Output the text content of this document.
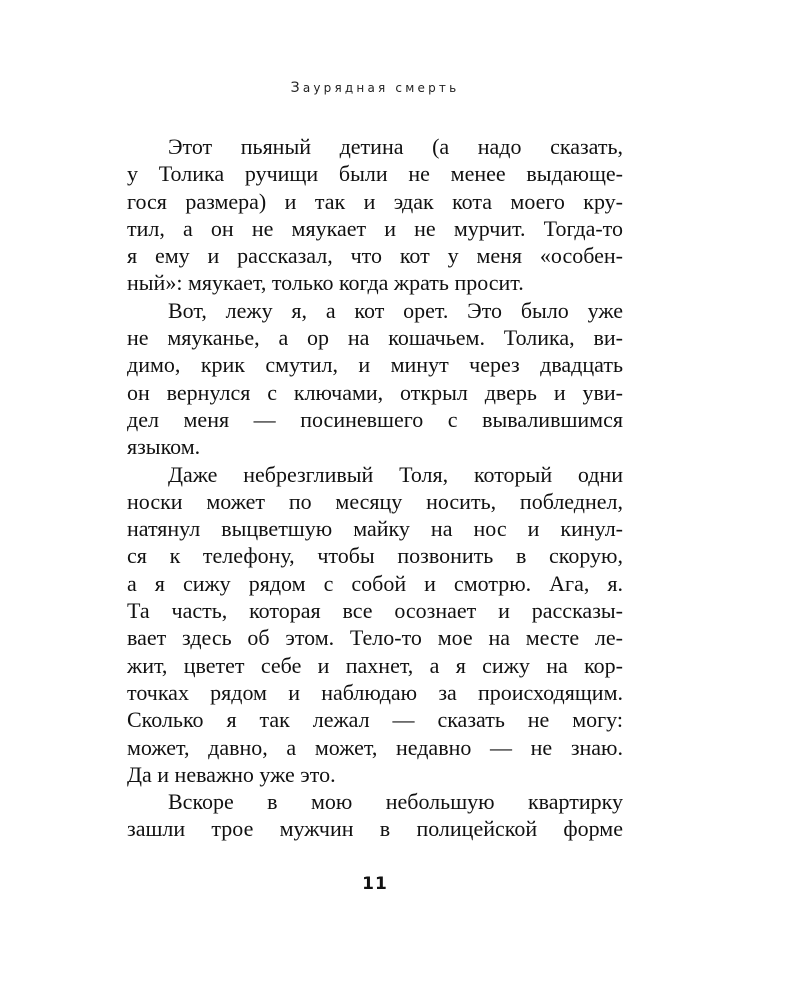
Заурядная смерть
Этот пьяный детина (а надо сказать,
у Толика ручищи были не менее выдающе-
гося размера) и так и эдак кота моего кру-
тил, а он не мяукает и не мурчит. Тогда-то
я ему и рассказал, что кот у меня «особен-
ный»: мяукает, только когда жрать просит.
Вот, лежу я, а кот орет. Это было уже
не мяуканье, а ор на кошачьем. Толика, ви-
димо, крик смутил, и минут через двадцать
он вернулся с ключами, открыл дверь и уви-
дел меня — посиневшего с вывалившимся
языком.
Даже небрезгливый Толя, который одни
носки может по месяцу носить, побледнел,
натянул выцветшую майку на нос и кинул-
ся к телефону, чтобы позвонить в скорую,
а я сижу рядом с собой и смотрю. Ага, я.
Та часть, которая все осознает и рассказы-
вает здесь об этом. Тело-то мое на месте ле-
жит, цветет себе и пахнет, а я сижу на кор-
точках рядом и наблюдаю за происходящим.
Сколько я так лежал — сказать не могу:
может, давно, а может, недавно — не знаю.
Да и неважно уже это.
Вскоре в мою небольшую квартирку
зашли трое мужчин в полицейской форме
11
